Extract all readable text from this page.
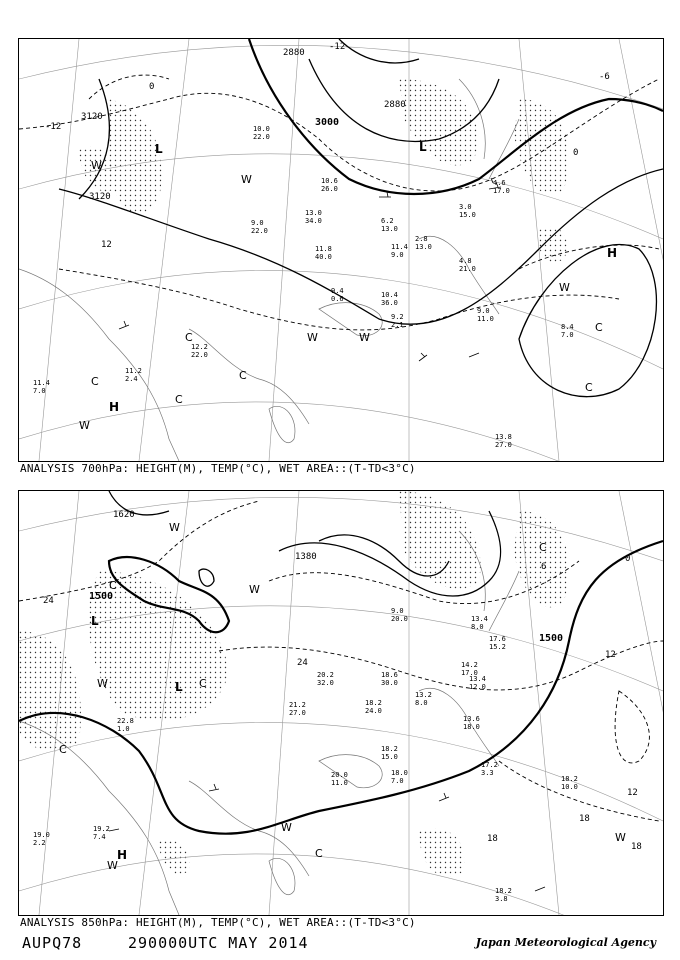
3000
2880
3120
3120
2880
-12
12
-12
0
0
-6
L	L
H
H
W
W
W	W
W
W
C
C
C
C
C
C
11.4
9.0
13.0
34.0
11.8
40.0
9.4
0.6
9.2
2.1
10.4
36.0
9.0
11.0
8.4
7.0
13.8
27.0
12.2
22.0
11.4
7.0
11.2
2.4
4.8
21.0
3.0
15.0
4.6
17.0
6.2
13.0
2.8
13.0
10.6
26.0
10.0
22.0
9.0
22.0
ANALYSIS 700hPa: HEIGHT(M), TEMP(°C), WET AREA::(T-TD<3°C)
1500
1500
1380
1620
24
24
12
0
18
18
18
12
6
L
L
H
W
W
W
W
W
W
C
C
C
C
C
18.2
24.0
18.6
30.0
13.2
8.0
13.4
12.0
13.6
18.0
17.2
3.3
18.2
10.0
18.2
3.8
18.0
7.0
20.0
11.0
18.2
15.0
19.2
7.4
19.0
2.2
22.8
1.0
20.2
32.0
21.2
27.0
17.6
15.2
14.2
17.0
13.4
8.0
9.0
20.0
ANALYSIS 850hPa: HEIGHT(M), TEMP(°C), WET AREA::(T-TD<3°C)
AUPQ78	290000UTC MAY 2014	Japan Meteorological Agency
